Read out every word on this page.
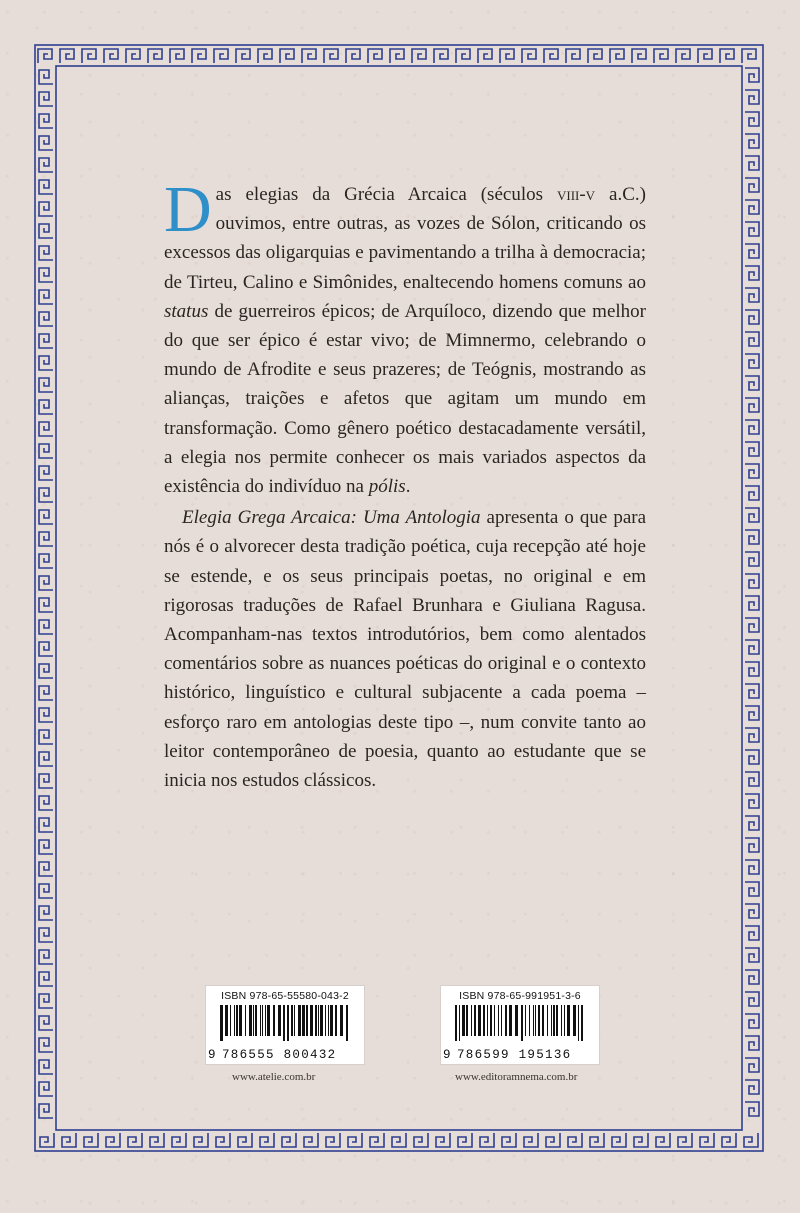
Das elegias da Grécia Arcaica (séculos viii-v a.C.) ouvimos, entre outras, as vozes de Sólon, criticando os excessos das oligarquias e pavimentando a trilha à democracia; de Tirteu, Calino e Simônides, enaltecendo homens comuns ao status de guerreiros épicos; de Arquíloco, dizendo que melhor do que ser épico é estar vivo; de Mimnermo, celebrando o mundo de Afrodite e seus prazeres; de Teógnis, mostrando as alianças, traições e afetos que agitam um mundo em transformação. Como gênero poético destacadamente versátil, a elegia nos permite conhecer os mais variados aspectos da existência do indivíduo na pólis.

Elegia Grega Arcaica: Uma Antologia apresenta o que para nós é o alvorecer desta tradição poética, cuja recepção até hoje se estende, e os seus principais poetas, no original e em rigorosas traduções de Rafael Brunhara e Giuliana Ragusa. Acompanham-nas textos introdutórios, bem como alentados comentários sobre as nuances poéticas do original e o contexto histórico, linguístico e cultural subjacente a cada poema – esforço raro em antologias deste tipo –, num convite tanto ao leitor contemporâneo de poesia, quanto ao estudante que se inicia nos estudos clássicos.

ISBN 978-65-55580-043-2
9 786555 800432
ISBN 978-65-991951-3-6
9 786599 195136
www.atelie.com.br	www.editoramnema.com.br
